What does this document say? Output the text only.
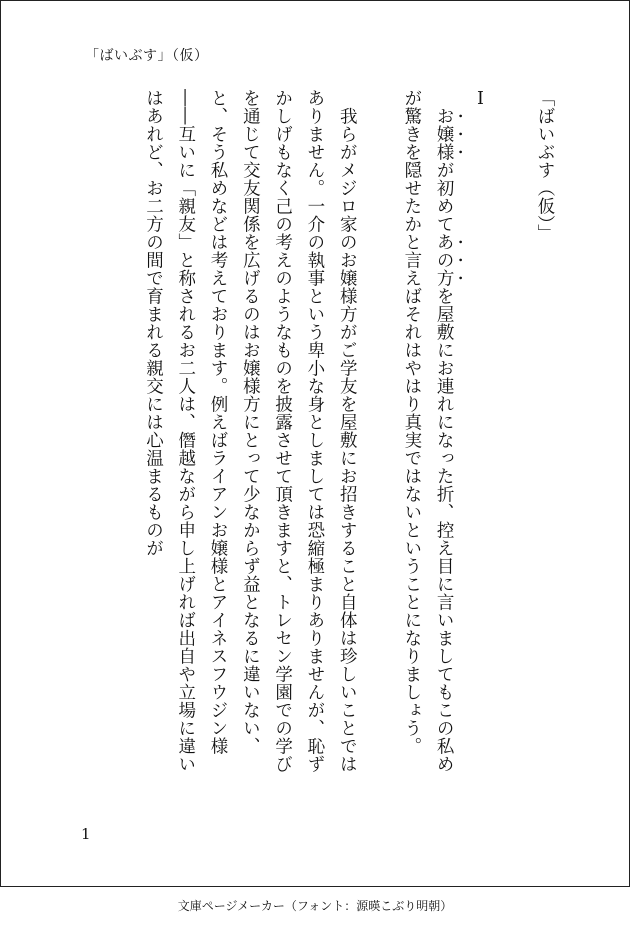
「ばいぶす」（仮）

「ばいぶす（仮）」

Ⅰ

お嬢様が初めてあの方を屋敷にお連れになった折、控え目に言いましてもこの私めが驚きを隠せたかと言えばそれはやはり真実ではないということになりましょう。

我らがメジロ家のお嬢様方がご学友を屋敷にお招きすること自体は珍しいことではありません。一介の執事という卑小な身としましては恐縮極まりありませんが、恥ずかしげもなく己の考えのようなものを披露させて頂きますと、トレセン学園での学びを通じて交友関係を広げるのはお嬢様方にとって少なからず益となるに違いない、と、そう私めなどは考えております。例えばライアンお嬢様とアイネスフウジン様――互いに「親友」と称されるお二人は、僭越ながら申し上げれば出自や立場に違いはあれど、お二方の間で育まれる親交には心温まるものが

1
文庫ページメーカー（フォント：源暎こぶり明朝）
